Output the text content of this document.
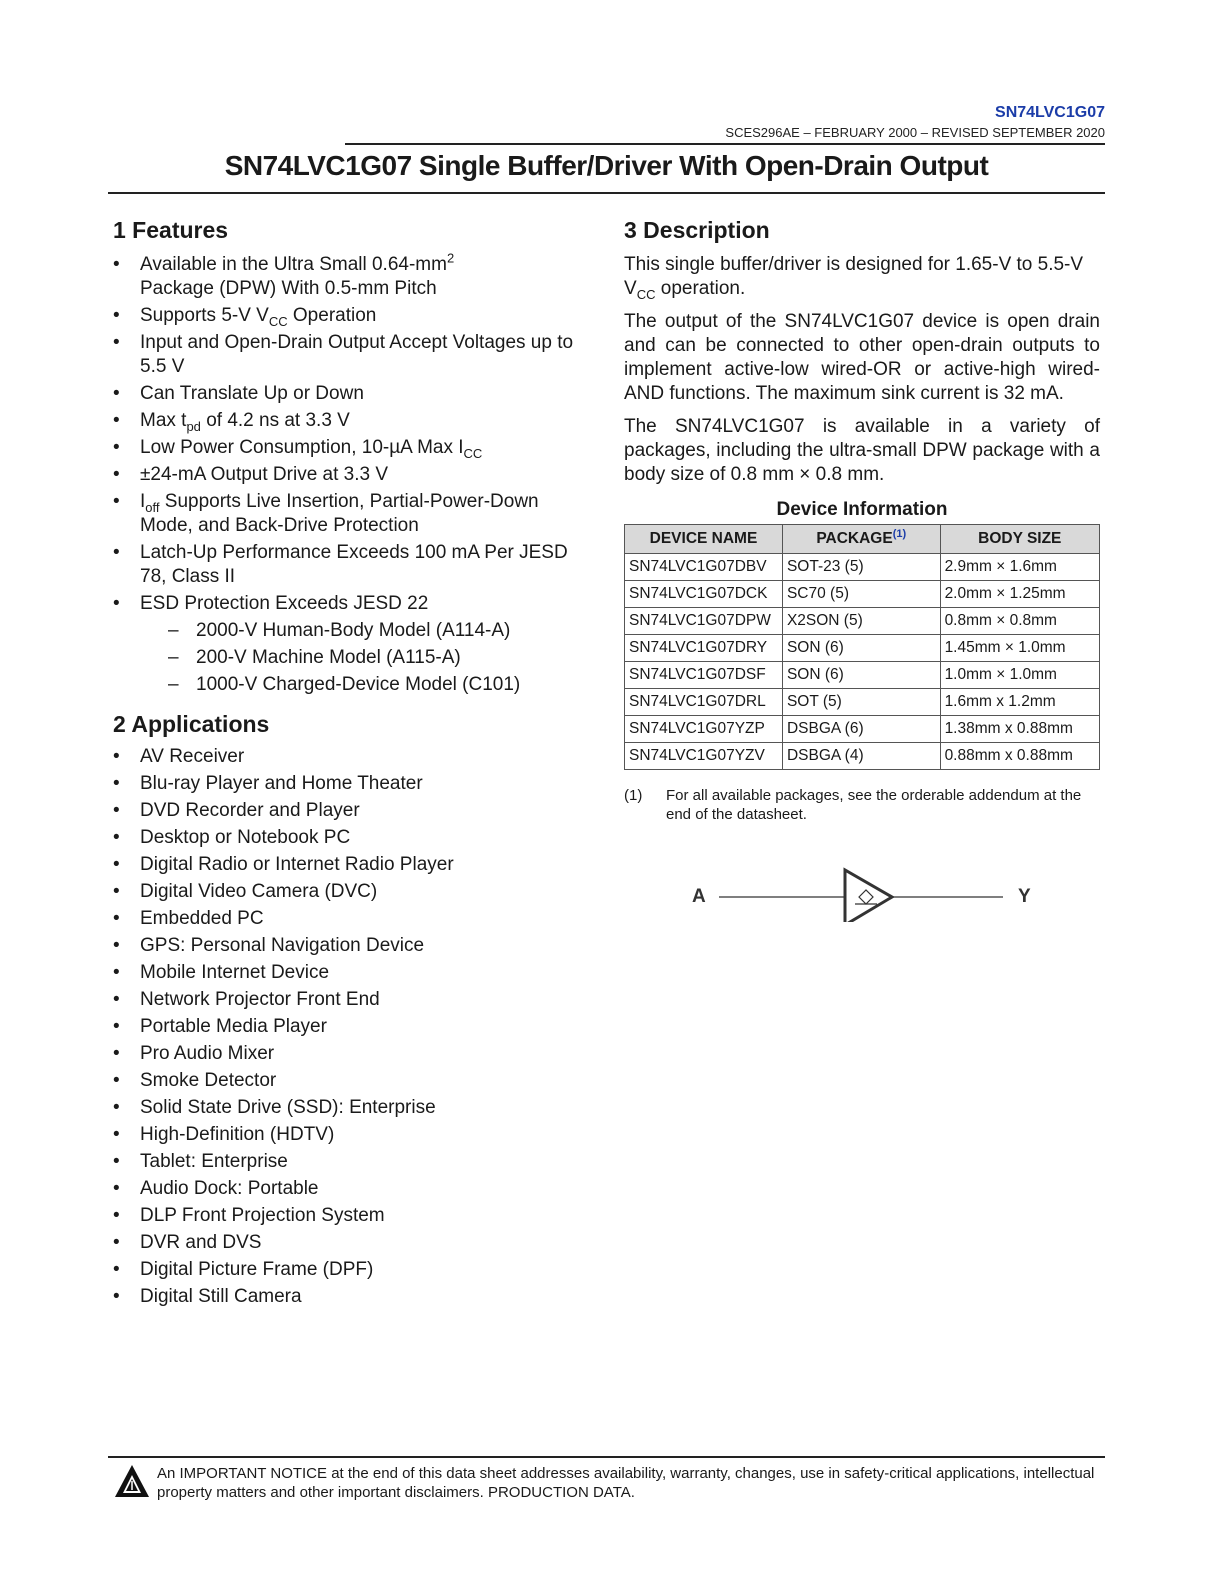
SN74LVC1G07
SCES296AE – FEBRUARY 2000 – REVISED SEPTEMBER 2020
SN74LVC1G07 Single Buffer/Driver With Open-Drain Output
1 Features
• Available in the Ultra Small $0.64-mm^2$
Package (DPW) With 0.5-mm Pitch
• Supports 5-V $V_{CC}$ Operation
• Input and Open-Drain Output Accept Voltages up to 5.5 V
• Can Translate Up or Down
• Max $t_{pd}$ of 4.2 ns at 3.3 V
• Low Power Consumption, 10-µA Max $I_{CC}$
• ±24-mA Output Drive at 3.3 V
• $I_{off}$ Supports Live Insertion, Partial-Power-Down Mode, and Back-Drive Protection
• Latch-Up Performance Exceeds 100 mA Per JESD 78, Class II
• ESD Protection Exceeds JESD 22
– 2000-V Human-Body Model (A114-A)
– 200-V Machine Model (A115-A)
– 1000-V Charged-Device Model (C101)
2 Applications
• AV Receiver
• Blu-ray Player and Home Theater
• DVD Recorder and Player
• Desktop or Notebook PC
• Digital Radio or Internet Radio Player
• Digital Video Camera (DVC)
• Embedded PC
• GPS: Personal Navigation Device
• Mobile Internet Device
• Network Projector Front End
• Portable Media Player
• Pro Audio Mixer
• Smoke Detector
• Solid State Drive (SSD): Enterprise
• High-Definition (HDTV)
• Tablet: Enterprise
• Audio Dock: Portable
• DLP Front Projection System
• DVR and DVS
• Digital Picture Frame (DPF)
• Digital Still Camera
3 Description

This single buffer/driver is designed for 1.65-V to 5.5-V $V_{CC}$ operation.

The output of the SN74LVC1G07 device is open drain and can be connected to other open-drain outputs to implement active-low wired-OR or active-high wired-AND functions. The maximum sink current is 32 mA.

The SN74LVC1G07 is available in a variety of packages, including the ultra-small DPW package with a body size of 0.8 mm × 0.8 mm.

Device Information
DEVICE NAME	PACKAGE$^{(1)}$	BODY SIZE
SN74LVC1G07DBV	SOT-23 (5)	2.9mm × 1.6mm
SN74LVC1G07DCK	SC70 (5)	2.0mm × 1.25mm
SN74LVC1G07DPW	X2SON (5)	0.8mm × 0.8mm
SN74LVC1G07DRY	SON (6)	1.45mm × 1.0mm
SN74LVC1G07DSF	SON (6)	1.0mm × 1.0mm
SN74LVC1G07DRL	SOT (5)	1.6mm x 1.2mm
SN74LVC1G07YZP	DSBGA (6)	1.38mm x 0.88mm
SN74LVC1G07YZV	DSBGA (4)	0.88mm x 0.88mm
(1)	For all available packages, see the orderable addendum at the end of the datasheet.
A	Y
An IMPORTANT NOTICE at the end of this data sheet addresses availability, warranty, changes, use in safety-critical applications, intellectual property matters and other important disclaimers. PRODUCTION DATA.
